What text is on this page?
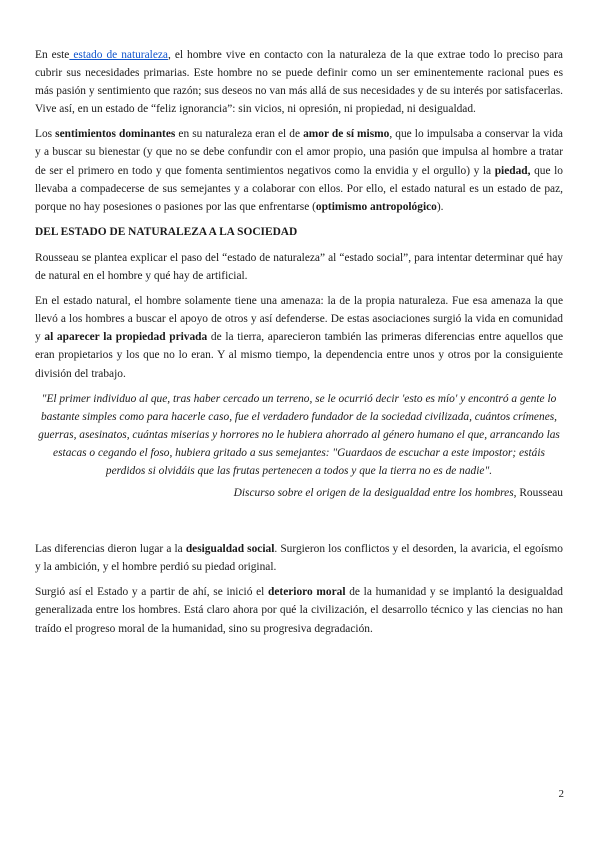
En este estado de naturaleza, el hombre vive en contacto con la naturaleza de la que extrae todo lo preciso para cubrir sus necesidades primarias. Este hombre no se puede definir como un ser eminentemente racional pues es más pasión y sentimiento que razón; sus deseos no van más allá de sus necesidades y de su interés por satisfacerlas. Vive así, en un estado de “feliz ignorancia”: sin vicios, ni opresión, ni propiedad, ni desigualdad.

Los sentimientos dominantes en su naturaleza eran el de amor de sí mismo, que lo impulsaba a conservar la vida y a buscar su bienestar (y que no se debe confundir con el amor propio, una pasión que impulsa al hombre a tratar de ser el primero en todo y que fomenta sentimientos negativos como la envidia y el orgullo) y la piedad, que lo llevaba a compadecerse de sus semejantes y a colaborar con ellos. Por ello, el estado natural es un estado de paz, porque no hay posesiones o pasiones por las que enfrentarse (optimismo antropológico).

DEL ESTADO DE NATURALEZA A LA SOCIEDAD

Rousseau se plantea explicar el paso del “estado de naturaleza” al “estado social”, para intentar determinar qué hay de natural en el hombre y qué hay de artificial.

En el estado natural, el hombre solamente tiene una amenaza: la de la propia naturaleza. Fue esa amenaza la que llevó a los hombres a buscar el apoyo de otros y así defenderse. De estas asociaciones surgió la vida en comunidad y al aparecer la propiedad privada de la tierra, aparecieron también las primeras diferencias entre aquellos que eran propietarios y los que no lo eran. Y al mismo tiempo, la dependencia entre unos y otros por la consiguiente división del trabajo.

"El primer individuo al que, tras haber cercado un terreno, se le ocurrió decir 'esto es mío' y encontró a gente lo bastante simples como para hacerle caso, fue el verdadero fundador de la sociedad civilizada, cuántos crímenes, guerras, asesinatos, cuántas miserias y horrores no le hubiera ahorrado al género humano el que, arrancando las estacas o cegando el foso, hubiera gritado a sus semejantes: "Guardaos de escuchar a este impostor; estáis perdidos si olvidáis que las frutas pertenecen a todos y que la tierra no es de nadie".

Discurso sobre el origen de la desigualdad entre los hombres, Rousseau

Las diferencias dieron lugar a la desigualdad social. Surgieron los conflictos y el desorden, la avaricia, el egoísmo y la ambición, y el hombre perdió su piedad original.

Surgió así el Estado y a partir de ahí, se inició el deterioro moral de la humanidad y se implantó la desigualdad generalizada entre los hombres. Está claro ahora por qué la civilización, el desarrollo técnico y las ciencias no han traído el progreso moral de la humanidad, sino su progresiva degradación.

2
